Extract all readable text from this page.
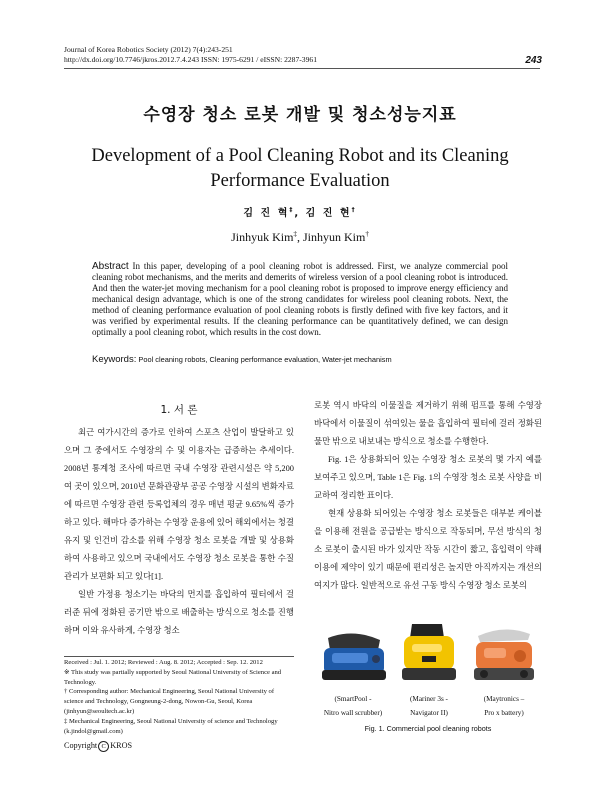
Journal of Korea Robotics Society (2012) 7(4):243-251
http://dx.doi.org/10.7746/jkros.2012.7.4.243 ISSN: 1975-6291 / eISSN: 2287-3961	243
수영장 청소 로봇 개발 및 청소성능지표
Development of a Pool Cleaning Robot and its Cleaning Performance Evaluation
김 진 혁‡, 김 진 현†
Jinhyuk Kim‡, Jinhyun Kim†
Abstract In this paper, developing of a pool cleaning robot is addressed. First, we analyze commercial pool cleaning robot mechanisms, and the merits and demerits of wireless version of a pool cleaning robot is introduced. And then the water-jet moving mechanism for a pool cleaning robot is proposed to improve energy efficiency and mechanical design advantage, which is one of the strong candidates for wireless pool cleaning robots. Next, the method of cleaning performance evaluation of pool cleaning robots is firstly defined with five key factors, and it was verified by experimental results. If the cleaning performance can be quantitatively defined, we can design optimally a pool cleaning robot, which results in the cost down.
Keywords: Pool cleaning robots, Cleaning performance evaluation, Water-jet mechanism
1. 서 론

최근 여가시간의 증가로 인하여 스포츠 산업이 발달하고 있으며 그 중에서도 수영장의 수 및 이용자는 급증하는 추세이다. 2008년 통계청 조사에 따르면 국내 수영장 관련시설은 약 5,200여 곳이 있으며, 2010년 문화관광부 공공 수영장 시설의 변화자료에 따르면 수영장 관련 등록업체의 경우 매년 평균 9.65%씩 증가하고 있다. 해마다 증가하는 수영장 운용에 있어 해외에서는 청결유지 및 인건비 감소를 위해 수영장 청소 로봇을 개발 및 상용화하여 사용하고 있으며 국내에서도 수영장 청소 로봇을 통한 수질 관리가 보편화 되고 있다[1].

일반 가정용 청소기는 바닥의 먼지를 흡입하여 필터에서 걸러준 뒤에 정화된 공기만 밖으로 배출하는 방식으로 청소를 진행하며 이와 유사하게, 수영장 청소

로봇 역시 바닥의 이물질을 제거하기 위해 펌프를 통해 수영장 바닥에서 이물질이 섞여있는 물을 흡입하여 필터에 걸러 정화된 물만 밖으로 내보내는 방식으로 청소를 수행한다.

Fig. 1은 상용화되어 있는 수영장 청소 로봇의 몇 가지 예를 보여주고 있으며, Table 1은 Fig. 1의 수영장 청소 로봇 사양을 비교하여 정리한 표이다.

현재 상용화 되어있는 수영장 청소 로봇들은 대부분 케이블을 이용해 전원을 공급받는 방식으로 작동되며, 무선 방식의 청소 로봇이 출시된 바가 있지만 작동 시간이 짧고, 흡입력이 약해 이용에 제약이 있기 때문에 편리성은 높지만 아직까지는 개선의 여지가 많다. 일반적으로 유선 구동 방식 수영장 청소 로봇의

Received : Jul. 1. 2012; Reviewed : Aug. 8. 2012; Accepted : Sep. 12. 2012
※ This study was partially supported by Seoul National University of Science and Technology.
† Corresponding author: Mechanical Engineering, Seoul National University of science and Technology, Gongneung-2-dong, Nowon-Gu, Seoul, Korea (jinhyun@seoultech.ac.kr)
‡ Mechanical Engineering, Seoul National University of science and Technology (k.jindol@gmail.com)
Copyright C KROS
(SmartPool -
Nitro wall scrubber)
(Mariner 3s -
Navigator II)
(Maytronics –
Pro x battery)
Fig. 1. Commercial pool cleaning robots
